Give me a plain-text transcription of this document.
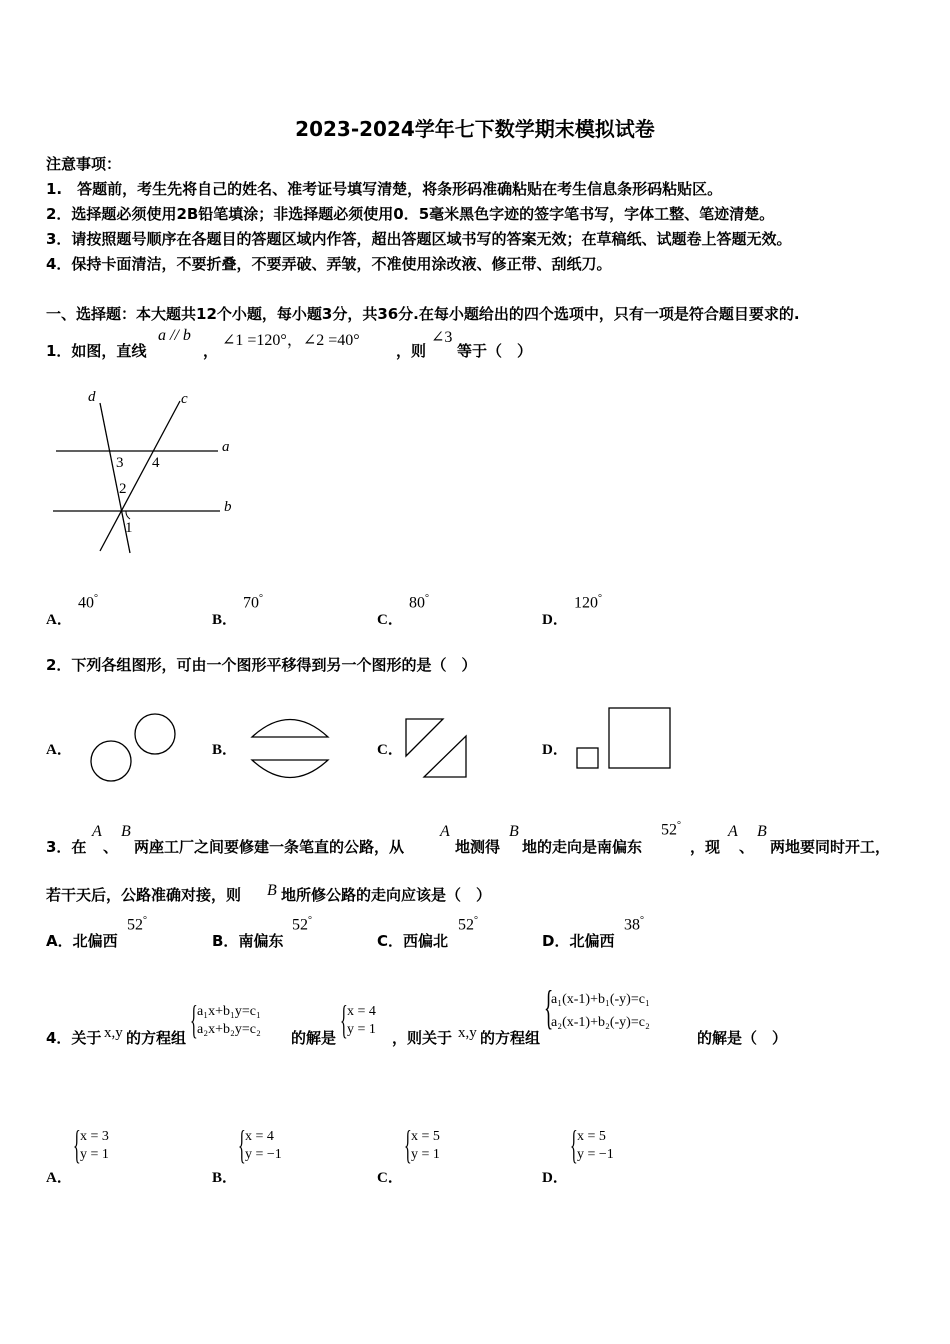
2023-2024学年七下数学期末模拟试卷
注意事项：
1.　答题前，考生先将自己的姓名、准考证号填写清楚，将条形码准确粘贴在考生信息条形码粘贴区。
2．选择题必须使用2B铅笔填涂；非选择题必须使用0．5毫米黑色字迹的签字笔书写，字体工整、笔迹清楚。
3．请按照题号顺序在各题目的答题区域内作答，超出答题区域书写的答案无效；在草稿纸、试题卷上答题无效。
4．保持卡面清洁，不要折叠，不要弄破、弄皱，不准使用涂改液、修正带、刮纸刀。
一、选择题：本大题共12个小题，每小题3分，共36分.在每小题给出的四个选项中，只有一项是符合题目要求的.
1．如图，直线
a // b
，
∠1 =120°，∠2 =40°
，则
∠3
等于（　）
d	c
a
b
3 4
2
1
A．
40°
B．
70°
C．
80°
D．
120°
2．下列各组图形，可由一个图形平移得到另一个图形的是（　）
A．	B．	C．	D．
3．在
A
、
B
两座工厂之间要修建一条笔直的公路，从
A
地测得
B
地的走向是南偏东
52°
，现
A
、
B
两地要同时开工，
若干天后，公路准确对接，则 B 地所修公路的走向应该是（　）
A．北偏西
52°
B．南偏东
52°
C．西偏北
52°
D．北偏西
38°
4．关于 x,y 的方程组 { a₁x+b₁y=c₁
a₂x+b₂y=c₂ 的解是 { x = 4
y = 1 ，则关于 x,y 的方程组
{
a₁(x-1)+b₁(-y)=c₁
a₂(x-1)+b₂(-y)=c₂
的解是（　）
A．
{ x = 3
y = 1
B．
{ x = 4
y = −1
C．
{ x = 5
y = 1
D．
{ x = 5
y = −1
